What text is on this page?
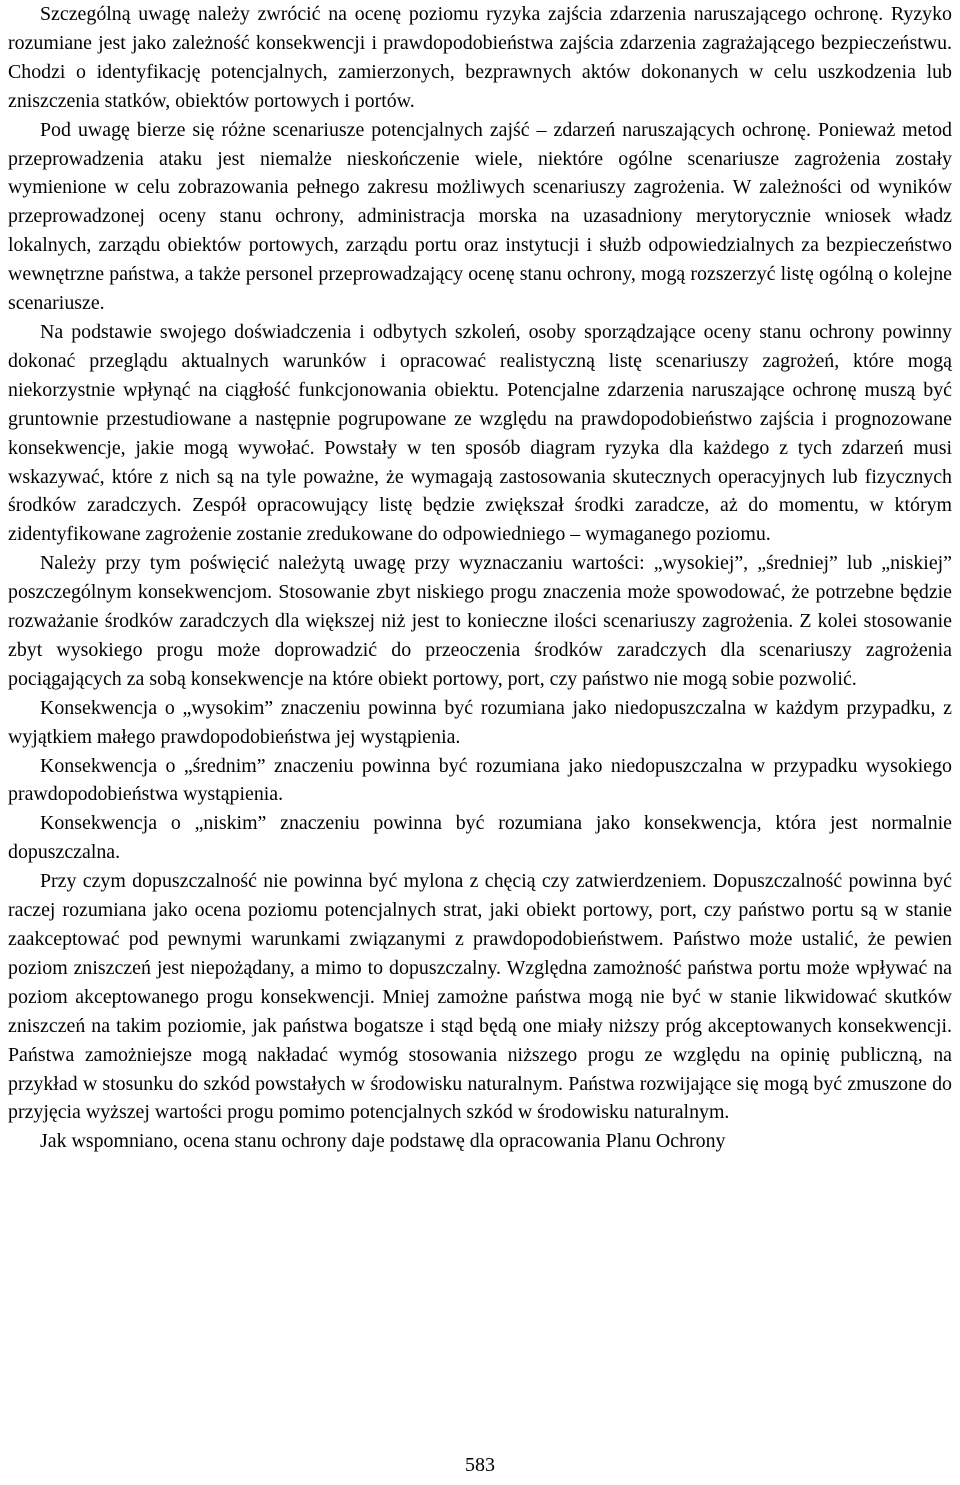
Szczególną uwagę należy zwrócić na ocenę poziomu ryzyka zajścia zdarzenia naruszającego ochronę. Ryzyko rozumiane jest jako zależność konsekwencji i prawdopodobieństwa zajścia zdarzenia zagrażającego bezpieczeństwu. Chodzi o identyfikację potencjalnych, zamierzonych, bezprawnych aktów dokonanych w celu uszkodzenia lub zniszczenia statków, obiektów portowych i portów.

Pod uwagę bierze się różne scenariusze potencjalnych zajść – zdarzeń naruszających ochronę. Ponieważ metod przeprowadzenia ataku jest niemalże nieskończenie wiele, niektóre ogólne scenariusze zagrożenia zostały wymienione w celu zobrazowania pełnego zakresu możliwych scenariuszy zagrożenia. W zależności od wyników przeprowadzonej oceny stanu ochrony, administracja morska na uzasadniony merytorycznie wniosek władz lokalnych, zarządu obiektów portowych, zarządu portu oraz instytucji i służb odpowiedzialnych za bezpieczeństwo wewnętrzne państwa, a także personel przeprowadzający ocenę stanu ochrony, mogą rozszerzyć listę ogólną o kolejne scenariusze.

Na podstawie swojego doświadczenia i odbytych szkoleń, osoby sporządzające oceny stanu ochrony powinny dokonać przeglądu aktualnych warunków i opracować realistyczną listę scenariuszy zagrożeń, które mogą niekorzystnie wpłynąć na ciągłość funkcjonowania obiektu. Potencjalne zdarzenia naruszające ochronę muszą być gruntownie przestudiowane a następnie pogrupowane ze względu na prawdopodobieństwo zajścia i prognozowane konsekwencje, jakie mogą wywołać. Powstały w ten sposób diagram ryzyka dla każdego z tych zdarzeń musi wskazywać, które z nich są na tyle poważne, że wymagają zastosowania skutecznych operacyjnych lub fizycznych środków zaradczych. Zespół opracowujący listę będzie zwiększał środki zaradcze, aż do momentu, w którym zidentyfikowane zagrożenie zostanie zredukowane do odpowiedniego – wymaganego poziomu.

Należy przy tym poświęcić należytą uwagę przy wyznaczaniu wartości: „wysokiej”, „średniej” lub „niskiej” poszczególnym konsekwencjom. Stosowanie zbyt niskiego progu znaczenia może spowodować, że potrzebne będzie rozważanie środków zaradczych dla większej niż jest to konieczne ilości scenariuszy zagrożenia. Z kolei stosowanie zbyt wysokiego progu może doprowadzić do przeoczenia środków zaradczych dla scenariuszy zagrożenia pociągających za sobą konsekwencje na które obiekt portowy, port, czy państwo nie mogą sobie pozwolić.

Konsekwencja o „wysokim” znaczeniu powinna być rozumiana jako niedopuszczalna w każdym przypadku, z wyjątkiem małego prawdopodobieństwa jej wystąpienia.

Konsekwencja o „średnim” znaczeniu powinna być rozumiana jako niedopuszczalna w przypadku wysokiego prawdopodobieństwa wystąpienia.

Konsekwencja o „niskim” znaczeniu powinna być rozumiana jako konsekwencja, która jest normalnie dopuszczalna.

Przy czym dopuszczalność nie powinna być mylona z chęcią czy zatwierdzeniem. Dopuszczalność powinna być raczej rozumiana jako ocena poziomu potencjalnych strat, jaki obiekt portowy, port, czy państwo portu są w stanie zaakceptować pod pewnymi warunkami związanymi z prawdopodobieństwem. Państwo może ustalić, że pewien poziom zniszczeń jest niepożądany, a mimo to dopuszczalny. Względna zamożność państwa portu może wpływać na poziom akceptowanego progu konsekwencji. Mniej zamożne państwa mogą nie być w stanie likwidować skutków zniszczeń na takim poziomie, jak państwa bogatsze i stąd będą one miały niższy próg akceptowanych konsekwencji. Państwa zamożniejsze mogą nakładać wymóg stosowania niższego progu ze względu na opinię publiczną, na przykład w stosunku do szkód powstałych w środowisku naturalnym. Państwa rozwijające się mogą być zmuszone do przyjęcia wyższej wartości progu pomimo potencjalnych szkód w środowisku naturalnym.

Jak wspomniano, ocena stanu ochrony daje podstawę dla opracowania Planu Ochrony

583
